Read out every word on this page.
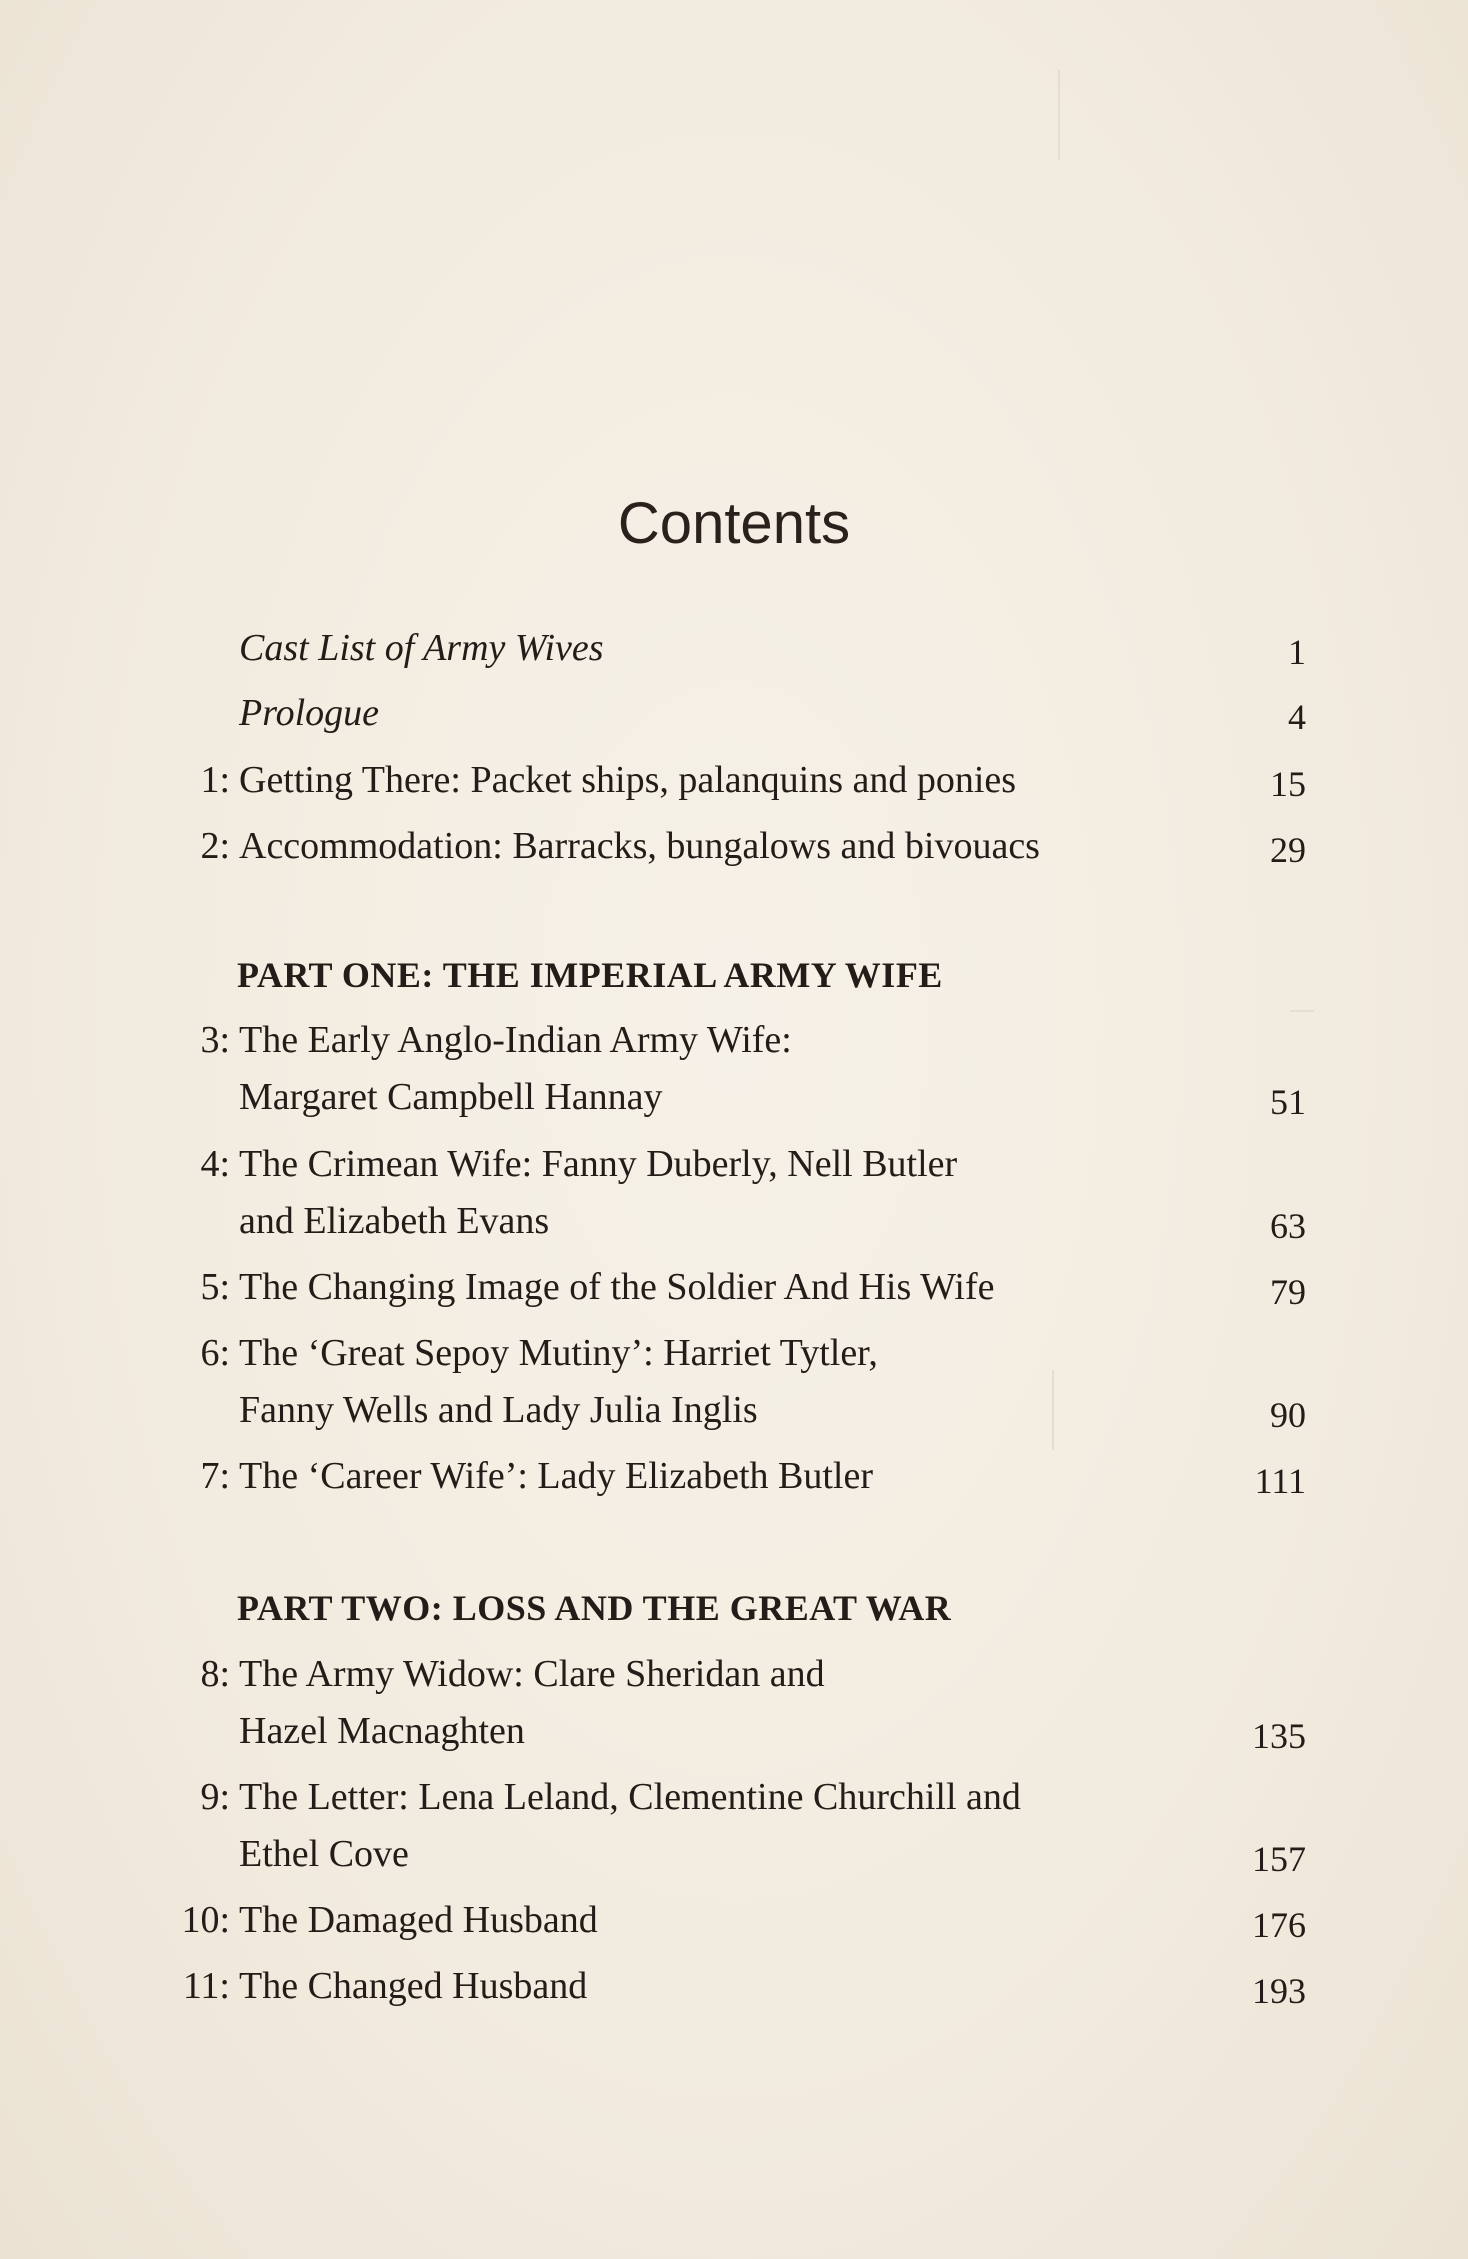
Contents
Cast List of Army Wives	1
Prologue	4
1: Getting There: Packet ships, palanquins and ponies	15
2: Accommodation: Barracks, bungalows and bivouacs	29
PART ONE: THE IMPERIAL ARMY WIFE
3: The Early Anglo-Indian Army Wife:
Margaret Campbell Hannay	51
4: The Crimean Wife: Fanny Duberly, Nell Butler
and Elizabeth Evans	63
5: The Changing Image of the Soldier And His Wife	79
6: The ‘Great Sepoy Mutiny’: Harriet Tytler,
Fanny Wells and Lady Julia Inglis	90
7: The ‘Career Wife’: Lady Elizabeth Butler	111
PART TWO: LOSS AND THE GREAT WAR
8: The Army Widow: Clare Sheridan and
Hazel Macnaghten	135
9: The Letter: Lena Leland, Clementine Churchill and
Ethel Cove	157
10: The Damaged Husband	176
11: The Changed Husband	193
